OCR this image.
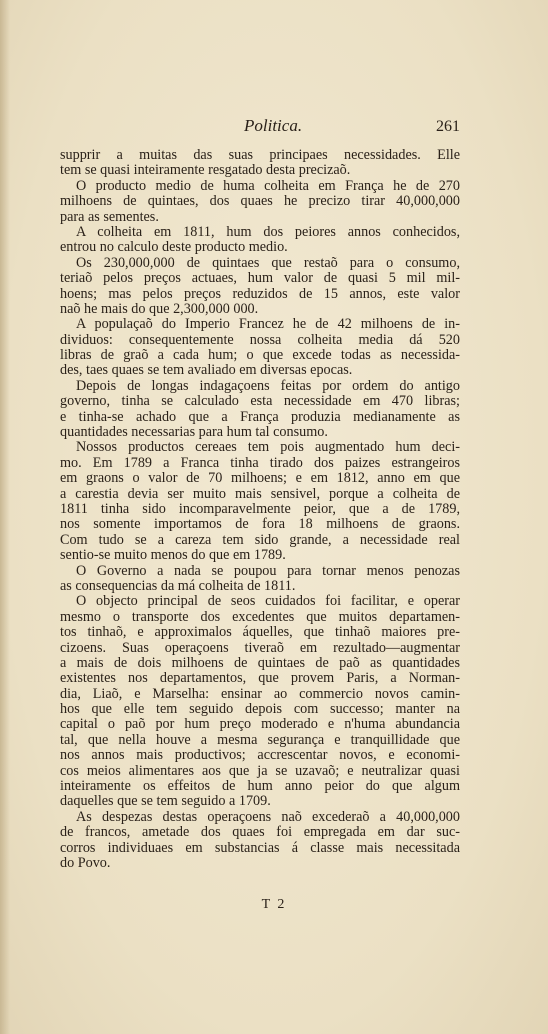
Politica.	261
supprir a muitas das suas principaes necessidades. Elle
tem se quasi inteiramente resgatado desta precizaõ.
O producto medio de huma colheita em França he de 270
milhoens de quintaes, dos quaes he precizo tirar 40,000,000
para as sementes.
A colheita em 1811, hum dos peiores annos conhecidos,
entrou no calculo deste producto medio.
Os 230,000,000 de quintaes que restaõ para o consumo,
teriaõ pelos preços actuaes, hum valor de quasi 5 mil mil-
hoens; mas pelos preços reduzidos de 15 annos, este valor
naõ he mais do que 2,300,000 000.
A populaçaõ do Imperio Francez he de 42 milhoens de in-
dividuos: consequentemente nossa colheita media dá 520
libras de graõ a cada hum; o que excede todas as necessida-
des, taes quaes se tem avaliado em diversas epocas.
Depois de longas indagaçoens feitas por ordem do antigo
governo, tinha se calculado esta necessidade em 470 libras;
e tinha-se achado que a França produzia medianamente as
quantidades necessarias para hum tal consumo.
Nossos productos cereaes tem pois augmentado hum deci-
mo. Em 1789 a Franca tinha tirado dos paizes estrangeiros
em graons o valor de 70 milhoens; e em 1812, anno em que
a carestia devia ser muito mais sensivel, porque a colheita de
1811 tinha sido incomparavelmente peior, que a de 1789,
nos somente importamos de fora 18 milhoens de graons.
Com tudo se a careza tem sido grande, a necessidade real
sentio-se muito menos do que em 1789.
O Governo a nada se poupou para tornar menos penozas
as consequencias da má colheita de 1811.
O objecto principal de seos cuidados foi facilitar, e operar
mesmo o transporte dos excedentes que muitos departamen-
tos tinhaõ, e approximalos áquelles, que tinhaõ maiores pre-
cizoens. Suas operaçoens tiveraõ em rezultado—augmentar
a mais de dois milhoens de quintaes de paõ as quantidades
existentes nos departamentos, que provem Paris, a Norman-
dia, Liaõ, e Marselha: ensinar ao commercio novos camin-
hos que elle tem seguido depois com successo; manter na
capital o paõ por hum preço moderado e n'huma abundancia
tal, que nella houve a mesma segurança e tranquillidade que
nos annos mais productivos; accrescentar novos, e economi-
cos meios alimentares aos que ja se uzavaõ; e neutralizar quasi
inteiramente os effeitos de hum anno peior do que algum
daquelles que se tem seguido a 1709.
As despezas destas operaçoens naõ excederaõ a 40,000,000
de francos, ametade dos quaes foi empregada em dar suc-
corros individuaes em substancias á classe mais necessitada
do Povo.
T 2
